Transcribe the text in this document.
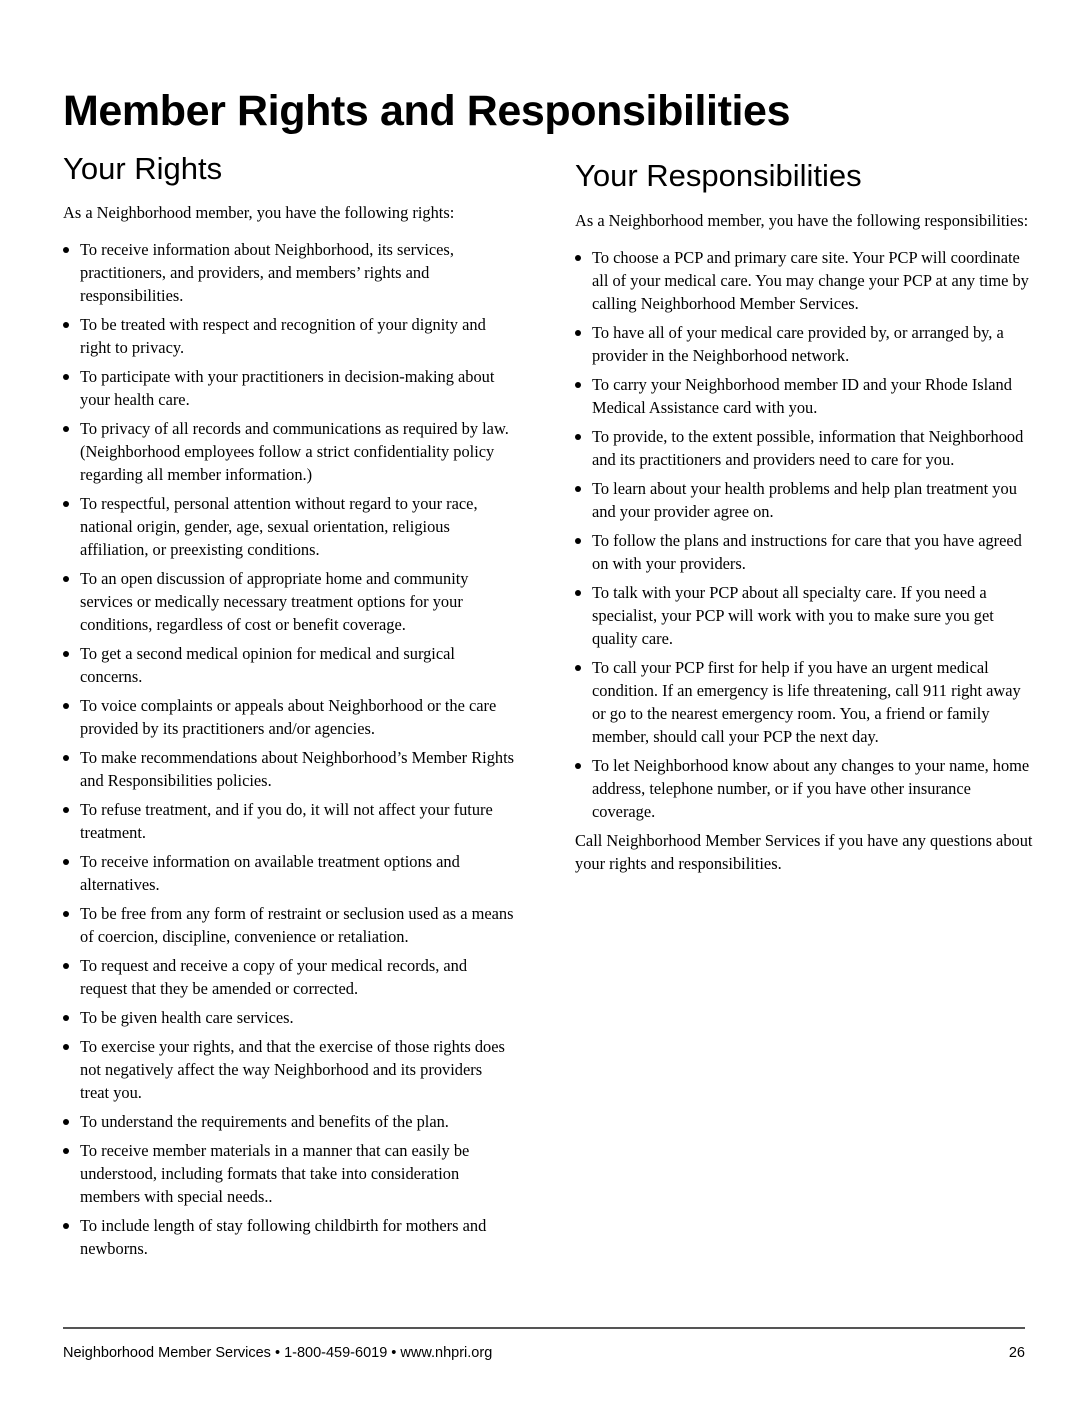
Member Rights and Responsibilities
Your Rights

As a Neighborhood member, you have the following rights:

To receive information about Neighborhood, its services, practitioners, and providers, and members’ rights and responsibilities.
To be treated with respect and recognition of your dignity and right to privacy.
To participate with your practitioners in decision-making about your health care.
To privacy of all records and communications as required by law. (Neighborhood employees follow a strict confidentiality policy regarding all member information.)
To respectful, personal attention without regard to your race, national origin, gender, age, sexual orientation, religious affiliation, or preexisting conditions.
To an open discussion of appropriate home and community services or medically necessary treatment options for your conditions, regardless of cost or benefit coverage.
To get a second medical opinion for medical and surgical concerns.
To voice complaints or appeals about Neighborhood or the care provided by its practitioners and/or agencies.
To make recommendations about Neighborhood’s Member Rights and Responsibilities policies.
To refuse treatment, and if you do, it will not affect your future treatment.
To receive information on available treatment options and alternatives.
To be free from any form of restraint or seclusion used as a means of coercion, discipline, convenience or retaliation.
To request and receive a copy of your medical records, and request that they be amended or corrected.
To be given health care services.
To exercise your rights, and that the exercise of those rights does not negatively affect the way Neighborhood and its providers treat you.
To understand the requirements and benefits of the plan.
To receive member materials in a manner that can easily be understood, including formats that take into consideration members with special needs..
To include length of stay following childbirth for mothers and newborns.
Your Responsibilities

As a Neighborhood member, you have the following responsibilities:

To choose a PCP and primary care site. Your PCP will coordinate all of your medical care. You may change your PCP at any time by calling Neighborhood Member Services.
To have all of your medical care provided by, or arranged by, a provider in the Neighborhood network.
To carry your Neighborhood member ID and your Rhode Island Medical Assistance card with you.
To provide, to the extent possible, information that Neighborhood and its practitioners and providers need to care for you.
To learn about your health problems and help plan treatment you and your provider agree on.
To follow the plans and instructions for care that you have agreed on with your providers.
To talk with your PCP about all specialty care. If you need a specialist, your PCP will work with you to make sure you get quality care.
To call your PCP first for help if you have an urgent medical condition. If an emergency is life threatening, call 911 right away or go to the nearest emergency room. You, a friend or family member, should call your PCP the next day.
To let Neighborhood know about any changes to your name, home address, telephone number, or if you have other insurance coverage.

Call Neighborhood Member Services if you have any questions about your rights and responsibilities.

Neighborhood Member Services • 1-800-459-6019 • www.nhpri.org	26
